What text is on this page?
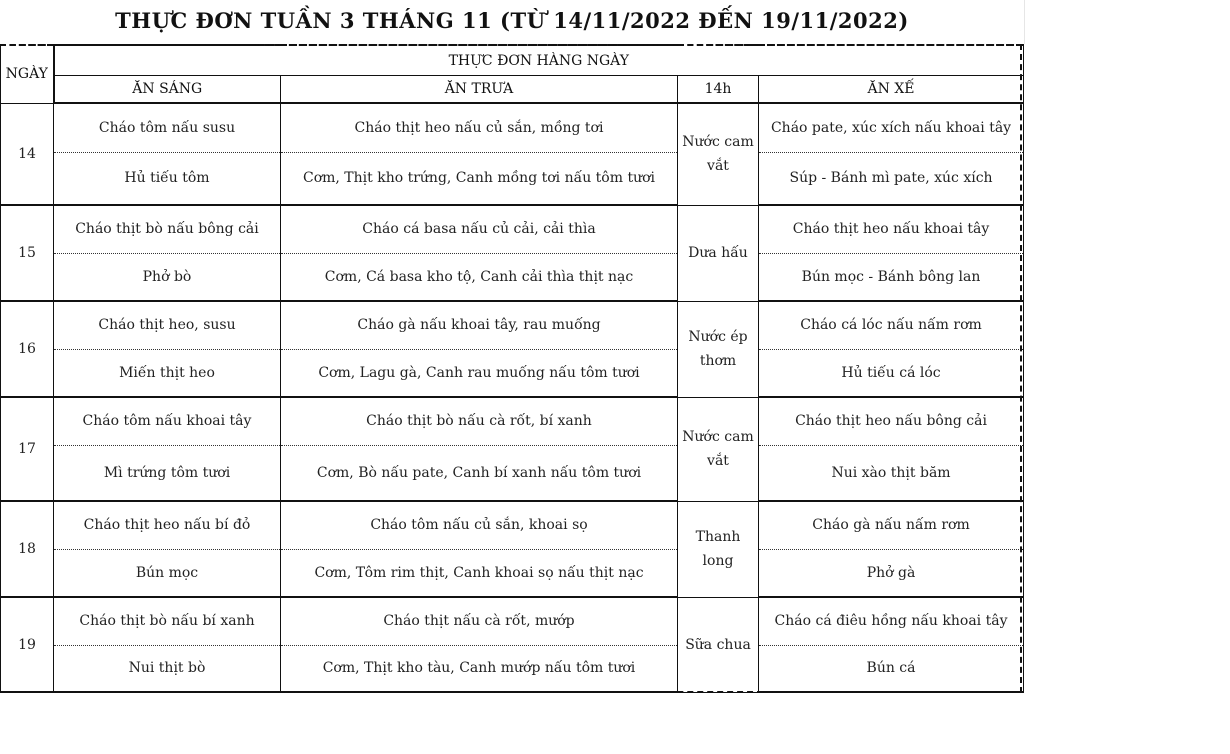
THỰC ĐƠN TUẦN 3 THÁNG 11 (TỪ 14/11/2022 ĐẾN 19/11/2022)
NGÀY	THỰC ĐƠN HÀNG NGÀY			
	ĂN SÁNG	ĂN TRƯA	14h	ĂN XẾ
14	Cháo tôm nấu susu	Cháo thịt heo nấu củ sắn, mồng tơi	Nước cam vắt	Cháo pate, xúc xích nấu khoai tây
	Hủ tiếu tôm	Cơm, Thịt kho trứng, Canh mồng tơi nấu tôm tươi		Súp - Bánh mì pate, xúc xích
15	Cháo thịt bò nấu bông cải	Cháo cá basa nấu củ cải, cải thìa	Dưa hấu	Cháo thịt heo nấu khoai tây
	Phở bò	Cơm, Cá basa kho tộ, Canh cải thìa thịt nạc		Bún mọc - Bánh bông lan
16	Cháo thịt heo, susu	Cháo gà nấu khoai tây, rau muống	Nước ép thơm	Cháo cá lóc nấu nấm rơm
	Miến thịt heo	Cơm, Lagu gà, Canh rau muống nấu tôm tươi		Hủ tiếu cá lóc
17	Cháo tôm nấu khoai tây	Cháo thịt bò nấu cà rốt, bí xanh	Nước cam vắt	Cháo thịt heo nấu bông cải
	Mì trứng tôm tươi	Cơm, Bò nấu pate, Canh bí xanh nấu tôm tươi		Nui xào thịt băm
18	Cháo thịt heo nấu bí đỏ	Cháo tôm nấu củ sắn, khoai sọ	Thanh long	Cháo gà nấu nấm rơm
	Bún mọc	Cơm, Tôm rim thịt, Canh khoai sọ nấu thịt nạc		Phở gà
19	Cháo thịt bò nấu bí xanh	Cháo thịt nấu cà rốt, mướp	Sữa chua	Cháo cá điêu hồng nấu khoai tây
	Nui thịt bò	Cơm, Thịt kho tàu, Canh mướp nấu tôm tươi		Bún cá
